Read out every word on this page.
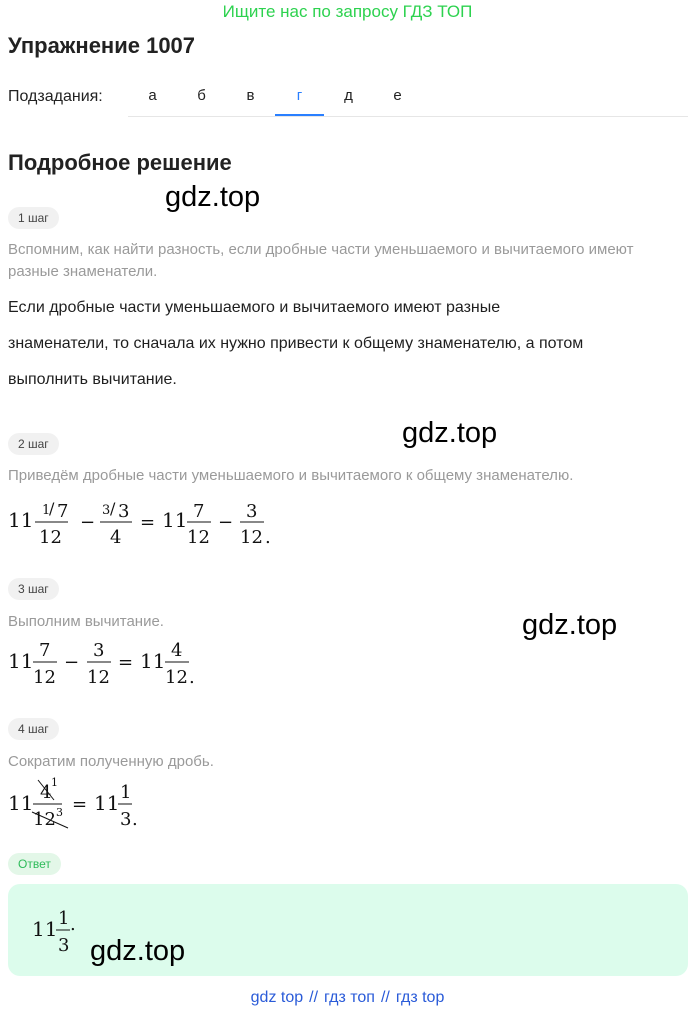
Ищите нас по запросу ГДЗ ТОП
Упражнение 1007
Подзадания:	а	б	в	г	д	е
Подробное решение
gdz.top
gdz.top
gdz.top
1 шаг
Вспомним, как найти разность, если дробные части уменьшаемого и вычитаемого имеют разные знаменатели.
Если дробные части уменьшаемого и вычитаемого имеют разные
знаменатели, то сначала их нужно привести к общему знаменателю, а потом
выполнить вычитание.
2 шаг
Приведём дробные части уменьшаемого и вычитаемого к общему знаменателю.
11 1
/ 7
12
−
3 / 3
4
= 11 7
12
−
3
12 .
3 шаг
Выполним вычитание.
11 7
12
−
3
12
= 11 4
12 .
4 шаг
Сократим полученную дробь.
11 4 1
12 3 = 11 1
3 .
Ответ
11 1
3
.
gdz.top
gdz top // гдз топ // гдз top
